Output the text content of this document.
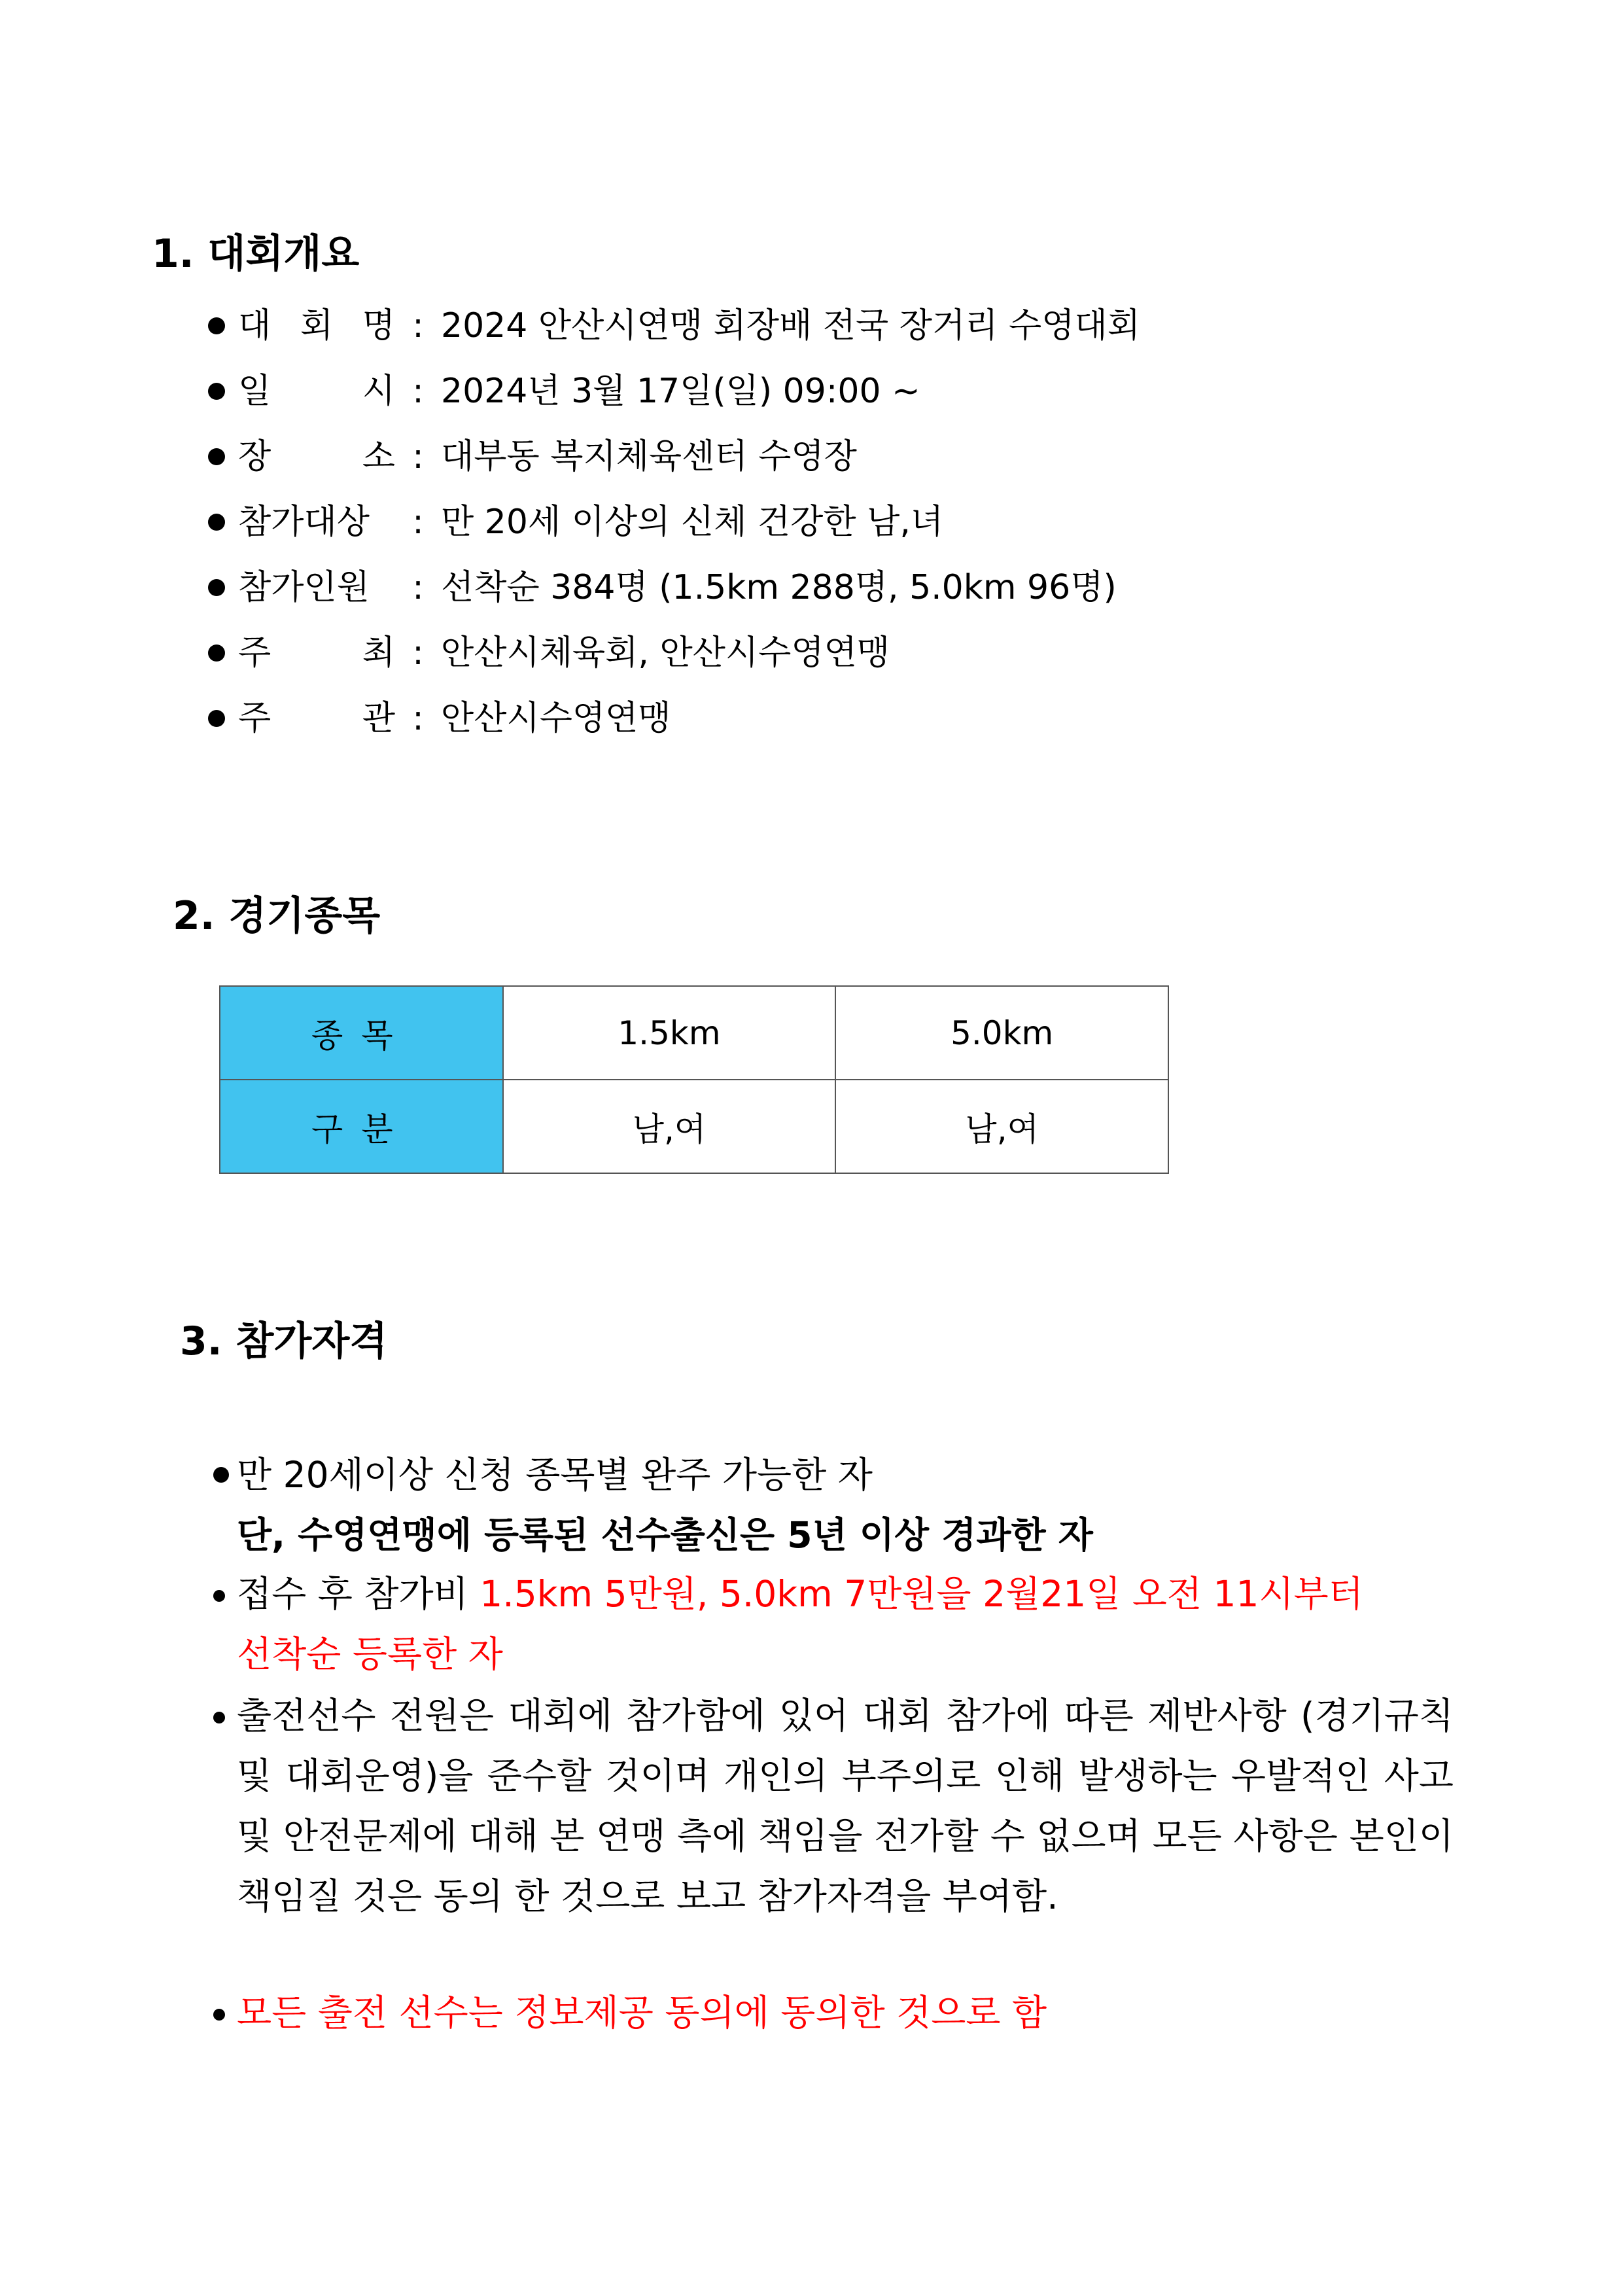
1. 대회개요
대 회 명 : 2024 안산시연맹 회장배 전국 장거리 수영대회
일 시 : 2024년 3월 17일(일) 09:00 ~
장 소 : 대부동 복지체육센터 수영장
참가대상	: 만 20세 이상의 신체 건강한 남,녀
참가인원	: 선착순 384명 (1.5km 288명, 5.0km 96명)
주 최 : 안산시체육회, 안산시수영연맹
주 관 : 안산시수영연맹
2. 경기종목
종목	1.5km	5.0km
구분	남,여	남,여
3. 참가자격
만 20세이상 신청 종목별 완주 가능한 자
단, 수영연맹에 등록된 선수출신은 5년 이상 경과한 자
접수 후 참가비 1.5km 5만원, 5.0km 7만원을 2월21일 오전 11시부터
선착순 등록한 자
출전선수 전원은 대회에 참가함에 있어 대회 참가에 따른 제반사항 (경기규칙 및 대회운영)을 준수할 것이며 개인의 부주의로 인해 발생하는 우발적인 사고 및 안전문제에 대해 본 연맹 측에 책임을 전가할 수 없으며 모든 사항은 본인이 책임질 것은 동의 한 것으로 보고 참가자격을 부여함.
모든 출전 선수는 정보제공 동의에 동의한 것으로 함
